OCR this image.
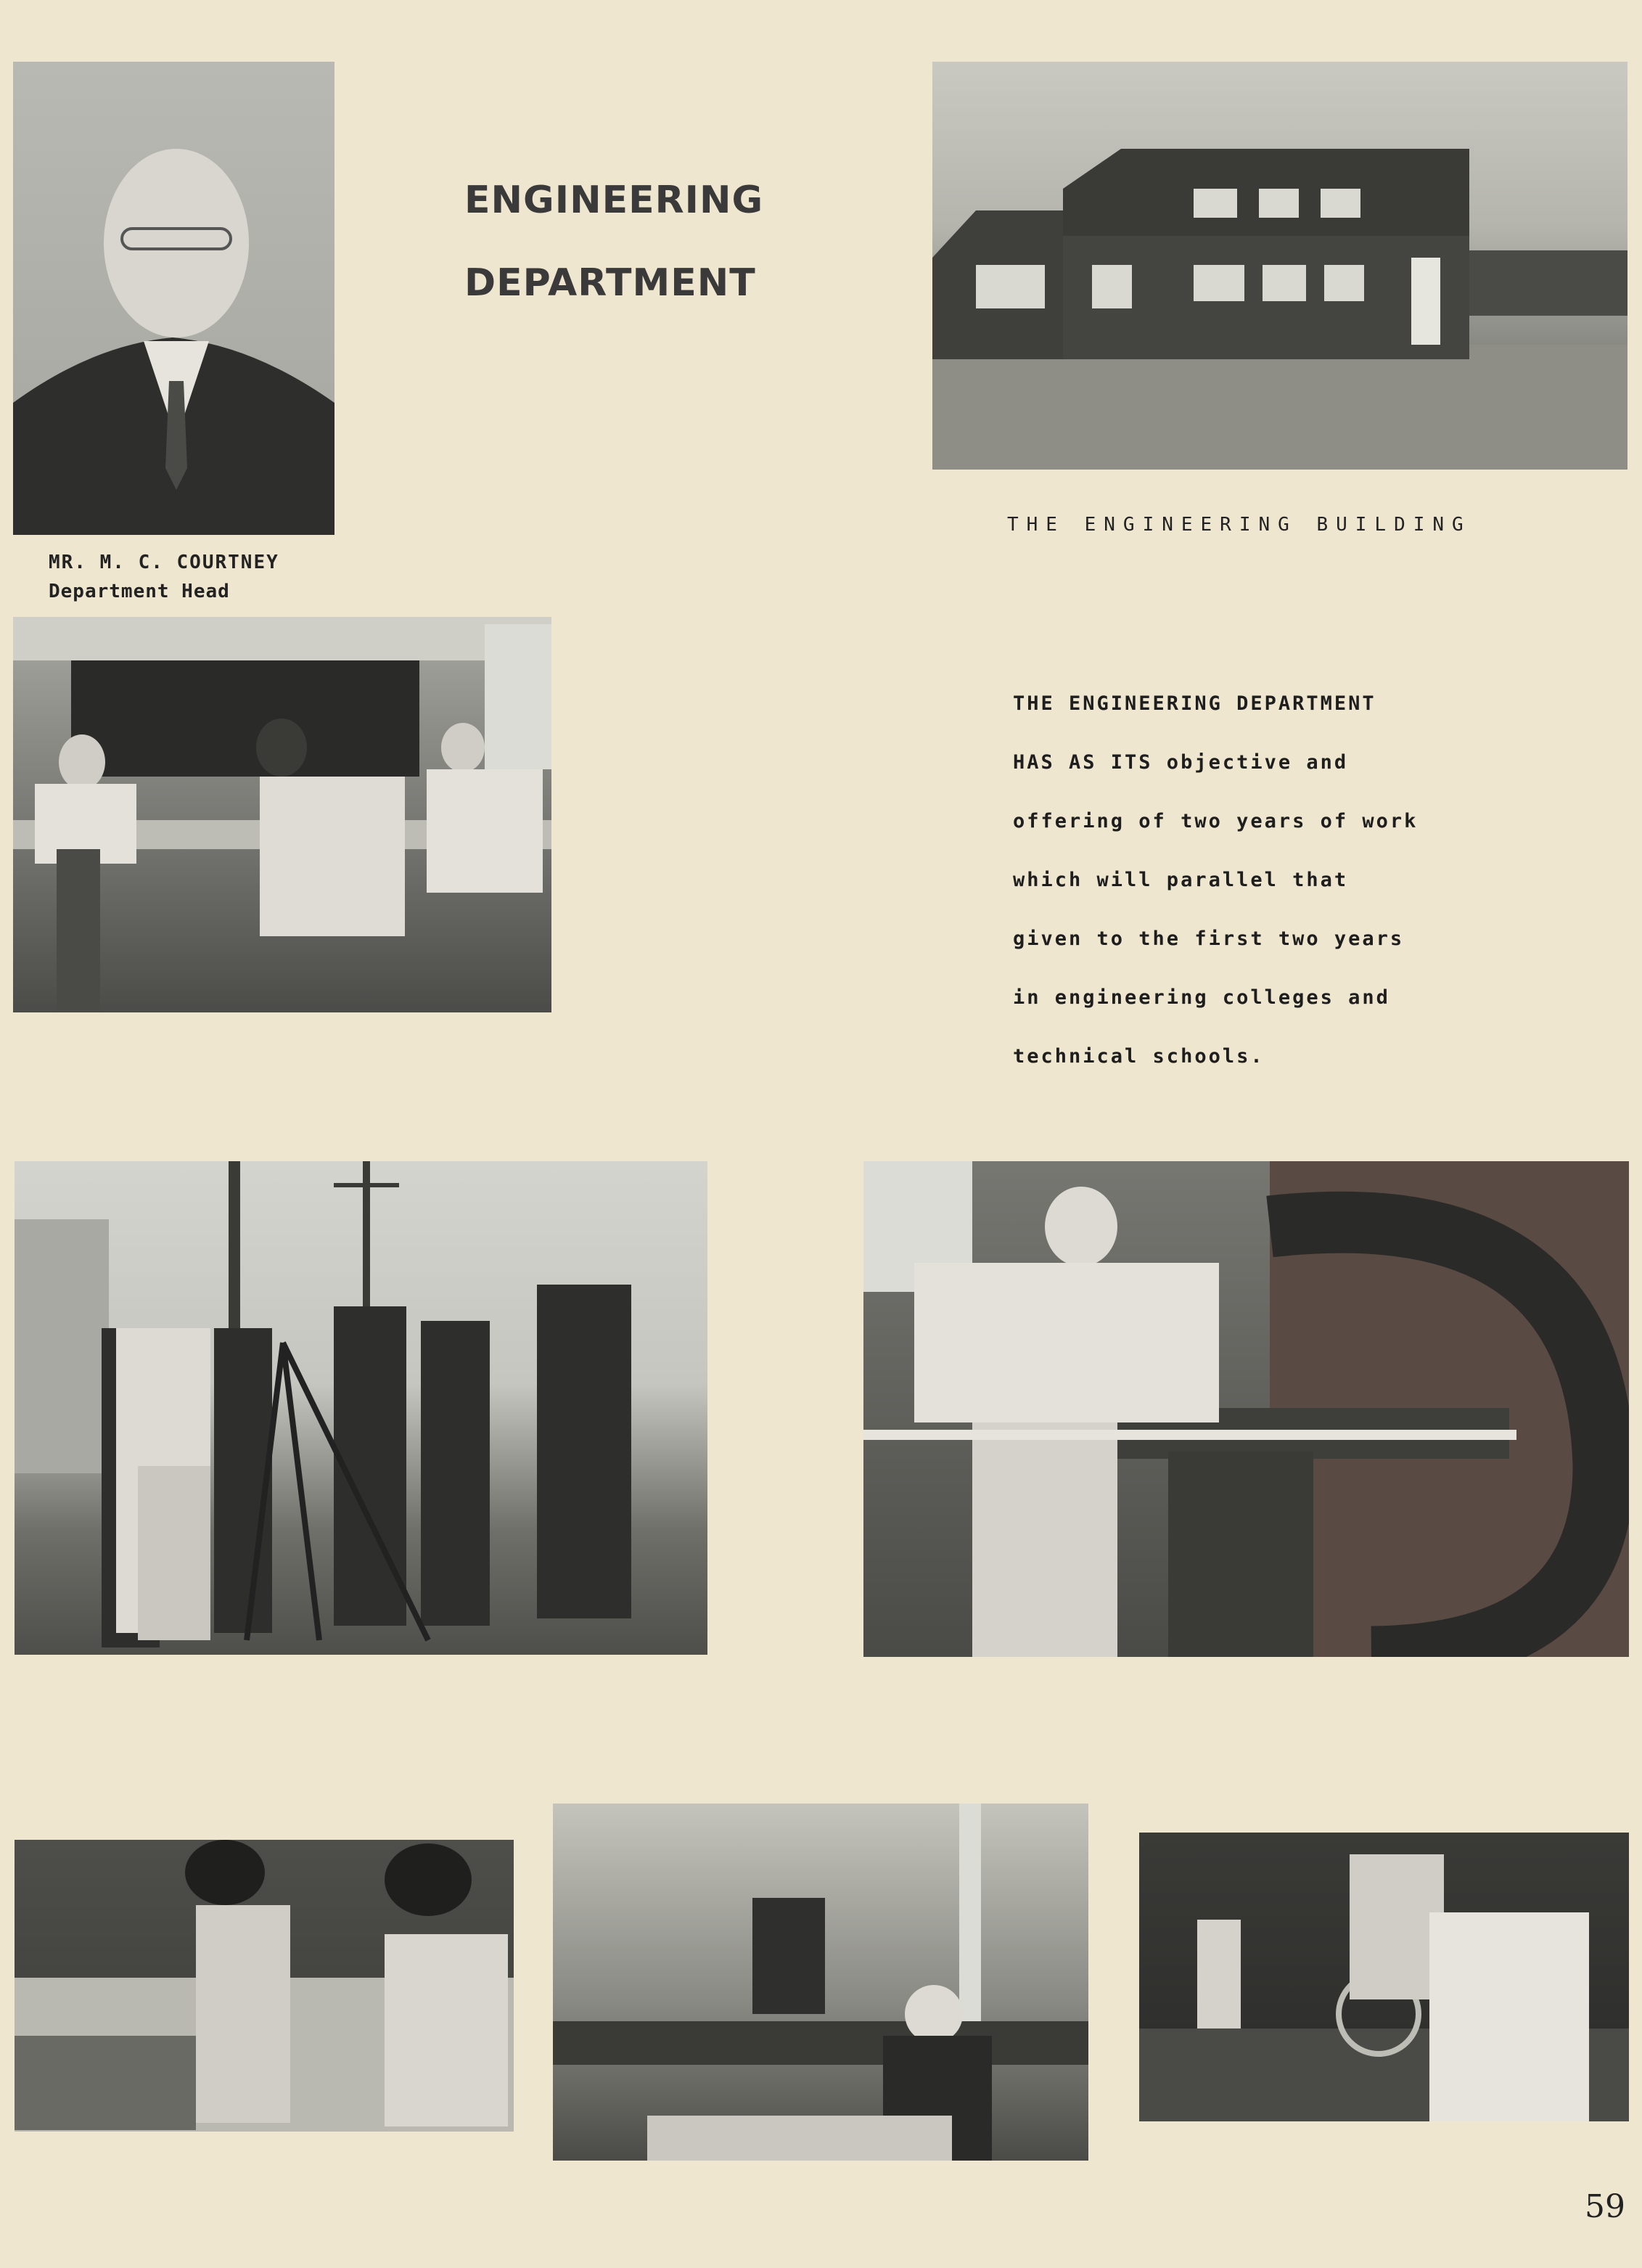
ENGINEERING
DEPARTMENT
THE ENGINEERING BUILDING
MR. M. C. COURTNEY
Department Head
THE ENGINEERING DEPARTMENT
HAS AS ITS objective and
offering of two years of work
which will parallel that
given to the first two years
in engineering colleges and
technical schools.
59
